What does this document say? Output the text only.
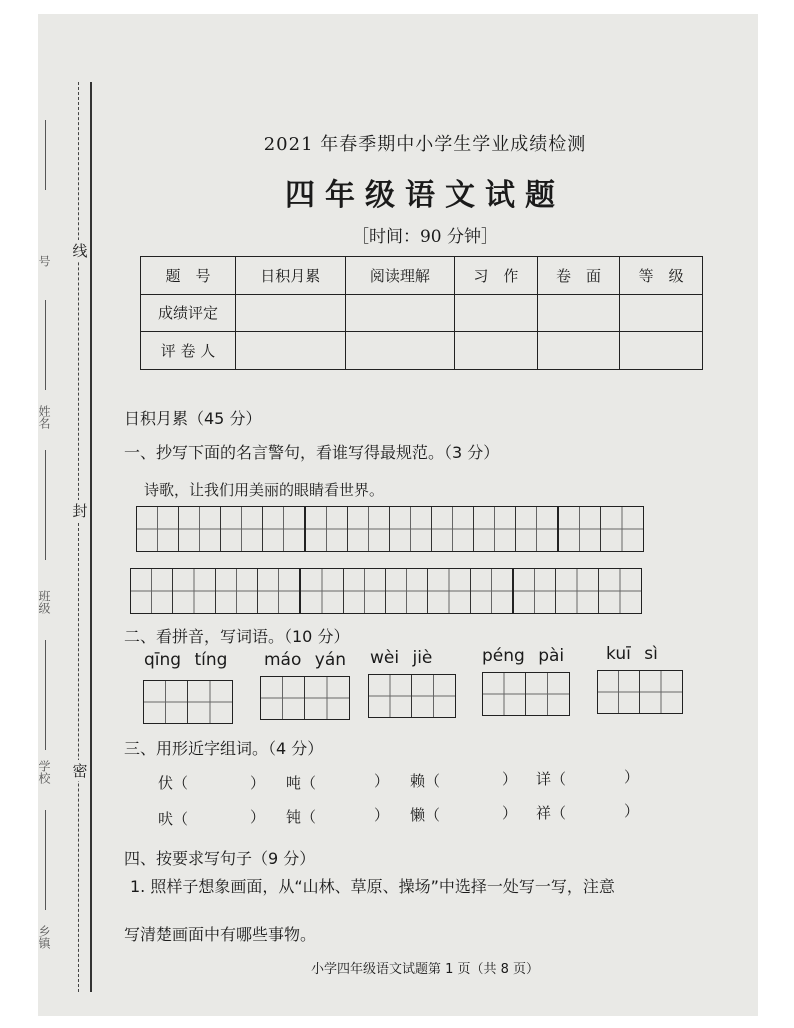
线
封
密
号
姓名
班级
学校
乡镇
2021 年春季期中小学生学业成绩检测
四年级语文试题
［时间：90 分钟］
题　号	日积月累	阅读理解	习　作	卷　面	等　级
成绩评定					
评 卷 人					
日积月累（45 分）
一、抄写下面的名言警句，看谁写得最规范。（3 分）
诗歌，让我们用美丽的眼睛看世界。
二、看拼音，写词语。（10 分）
qīng tíng máo yán wèi jiè	péng pài kuī sì
三、用形近字组词。（4 分）
伏（	） 吨（	） 赖（	） 详（	）
吠（	） 钝（	） 懒（	） 祥（	）
四、按要求写句子（9 分）
1. 照样子想象画面，从“山林、草原、操场”中选择一处写一写，注意
写清楚画面中有哪些事物。
小学四年级语文试题第 1 页（共 8 页）
